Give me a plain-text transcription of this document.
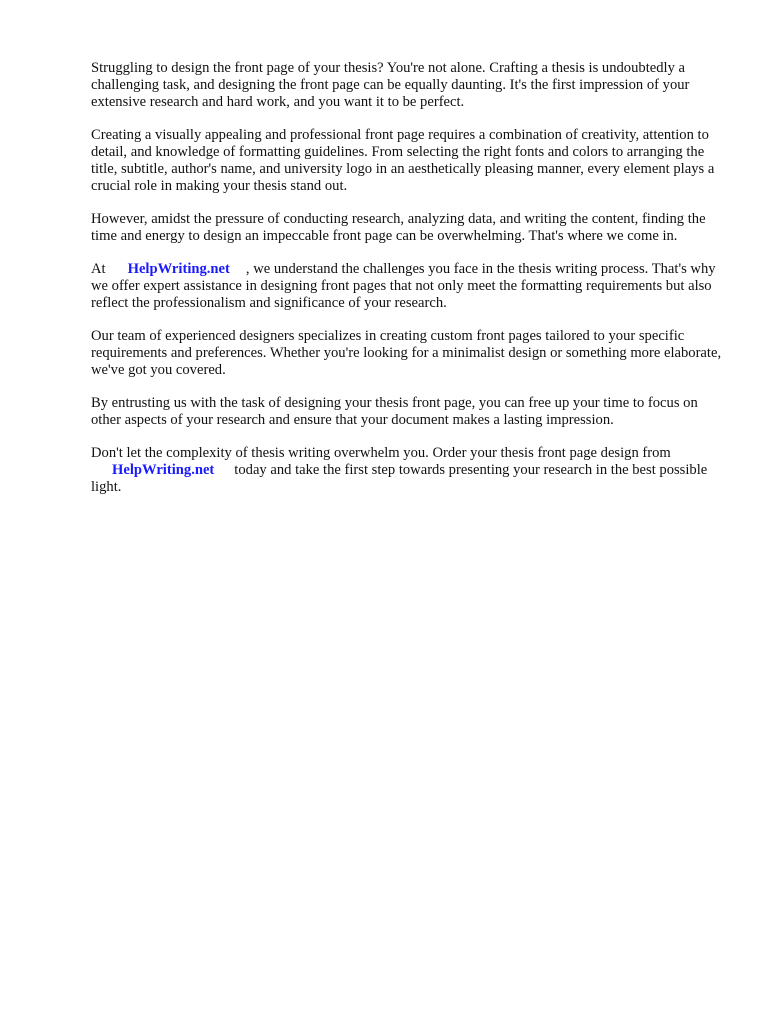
Struggling to design the front page of your thesis? You're not alone. Crafting a thesis is undoubtedly a challenging task, and designing the front page can be equally daunting. It's the first impression of your extensive research and hard work, and you want it to be perfect.

Creating a visually appealing and professional front page requires a combination of creativity, attention to detail, and knowledge of formatting guidelines. From selecting the right fonts and colors to arranging the title, subtitle, author's name, and university logo in an aesthetically pleasing manner, every element plays a crucial role in making your thesis stand out.

However, amidst the pressure of conducting research, analyzing data, and writing the content, finding the time and energy to design an impeccable front page can be overwhelming. That's where we come in.

At HelpWriting.net , we understand the challenges you face in the thesis writing process. That's why we offer expert assistance in designing front pages that not only meet the formatting requirements but also reflect the professionalism and significance of your research.

Our team of experienced designers specializes in creating custom front pages tailored to your specific requirements and preferences. Whether you're looking for a minimalist design or something more elaborate, we've got you covered.

By entrusting us with the task of designing your thesis front page, you can free up your time to focus on other aspects of your research and ensure that your document makes a lasting impression.

Don't let the complexity of thesis writing overwhelm you. Order your thesis front page design from
HelpWriting.net today and take the first step towards presenting your research in the best possible light.
